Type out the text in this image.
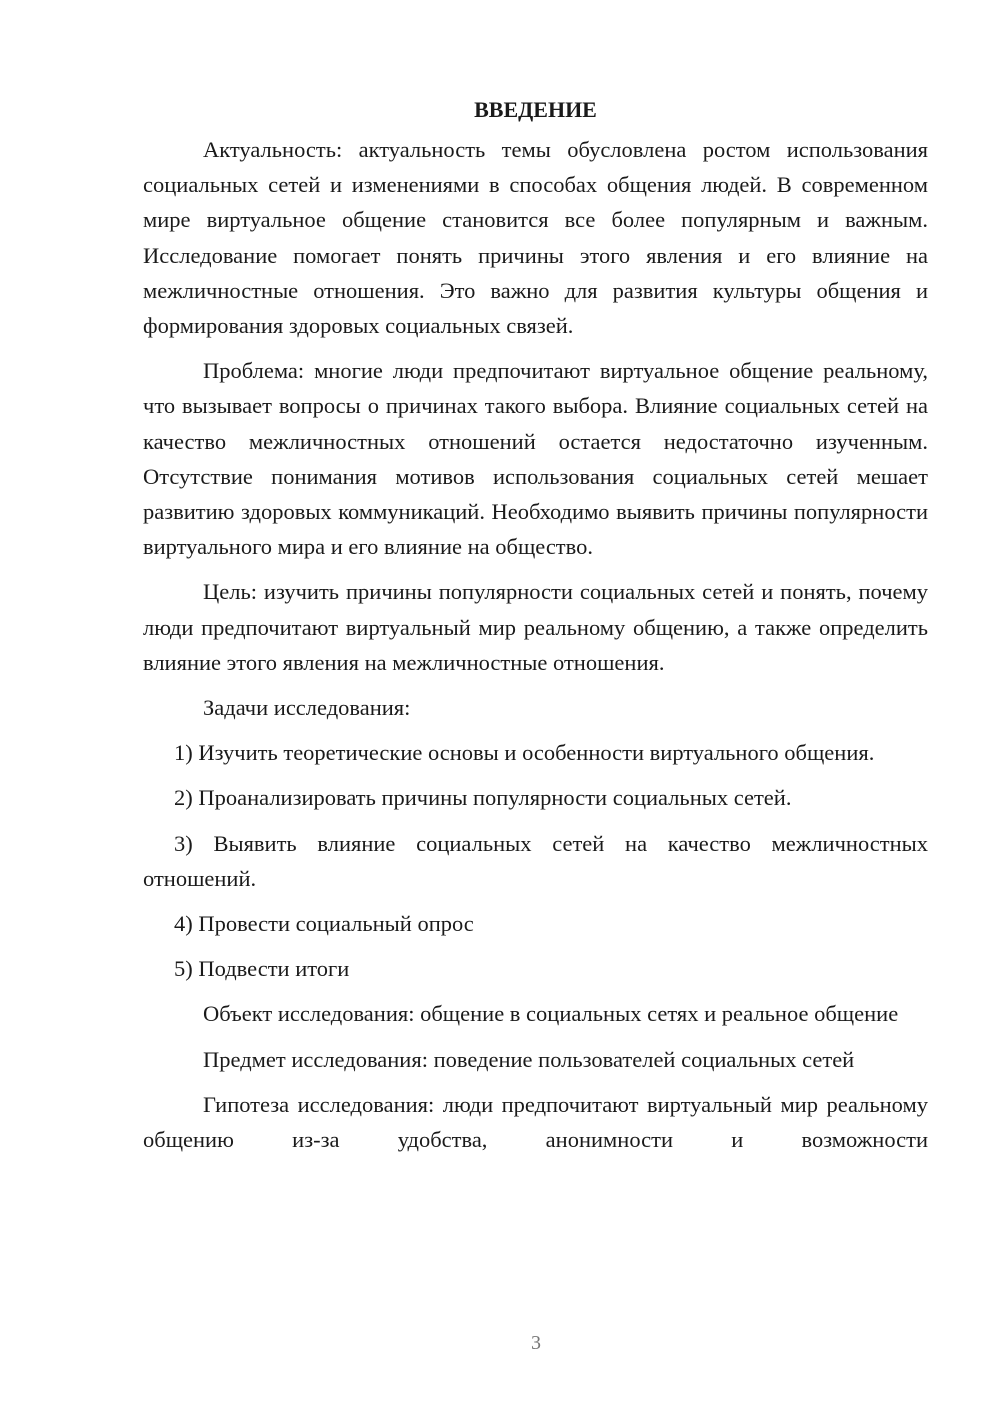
ВВЕДЕНИЕ

Актуальность: актуальность темы обусловлена ростом использования социальных сетей и изменениями в способах общения людей. В современном мире виртуальное общение становится все более популярным и важным. Исследование помогает понять причины этого явления и его влияние на межличностные отношения. Это важно для развития культуры общения и формирования здоровых социальных связей.

Проблема: многие люди предпочитают виртуальное общение реальному, что вызывает вопросы о причинах такого выбора. Влияние социальных сетей на качество межличностных отношений остается недостаточно изученным. Отсутствие понимания мотивов использования социальных сетей мешает развитию здоровых коммуникаций. Необходимо выявить причины популярности виртуального мира и его влияние на общество.

Цель: изучить причины популярности социальных сетей и понять, почему люди предпочитают виртуальный мир реальному общению, а также определить влияние этого явления на межличностные отношения.

Задачи исследования:

1) Изучить теоретические основы и особенности виртуального общения.

2) Проанализировать причины популярности социальных сетей.

3) Выявить влияние социальных сетей на качество межличностных отношений.

4) Провести социальный опрос

5) Подвести итоги

Объект исследования: общение в социальных сетях и реальное общение

Предмет исследования: поведение пользователей социальных сетей

Гипотеза исследования: люди предпочитают виртуальный мир реальному общению из-за удобства, анонимности и возможности

3
